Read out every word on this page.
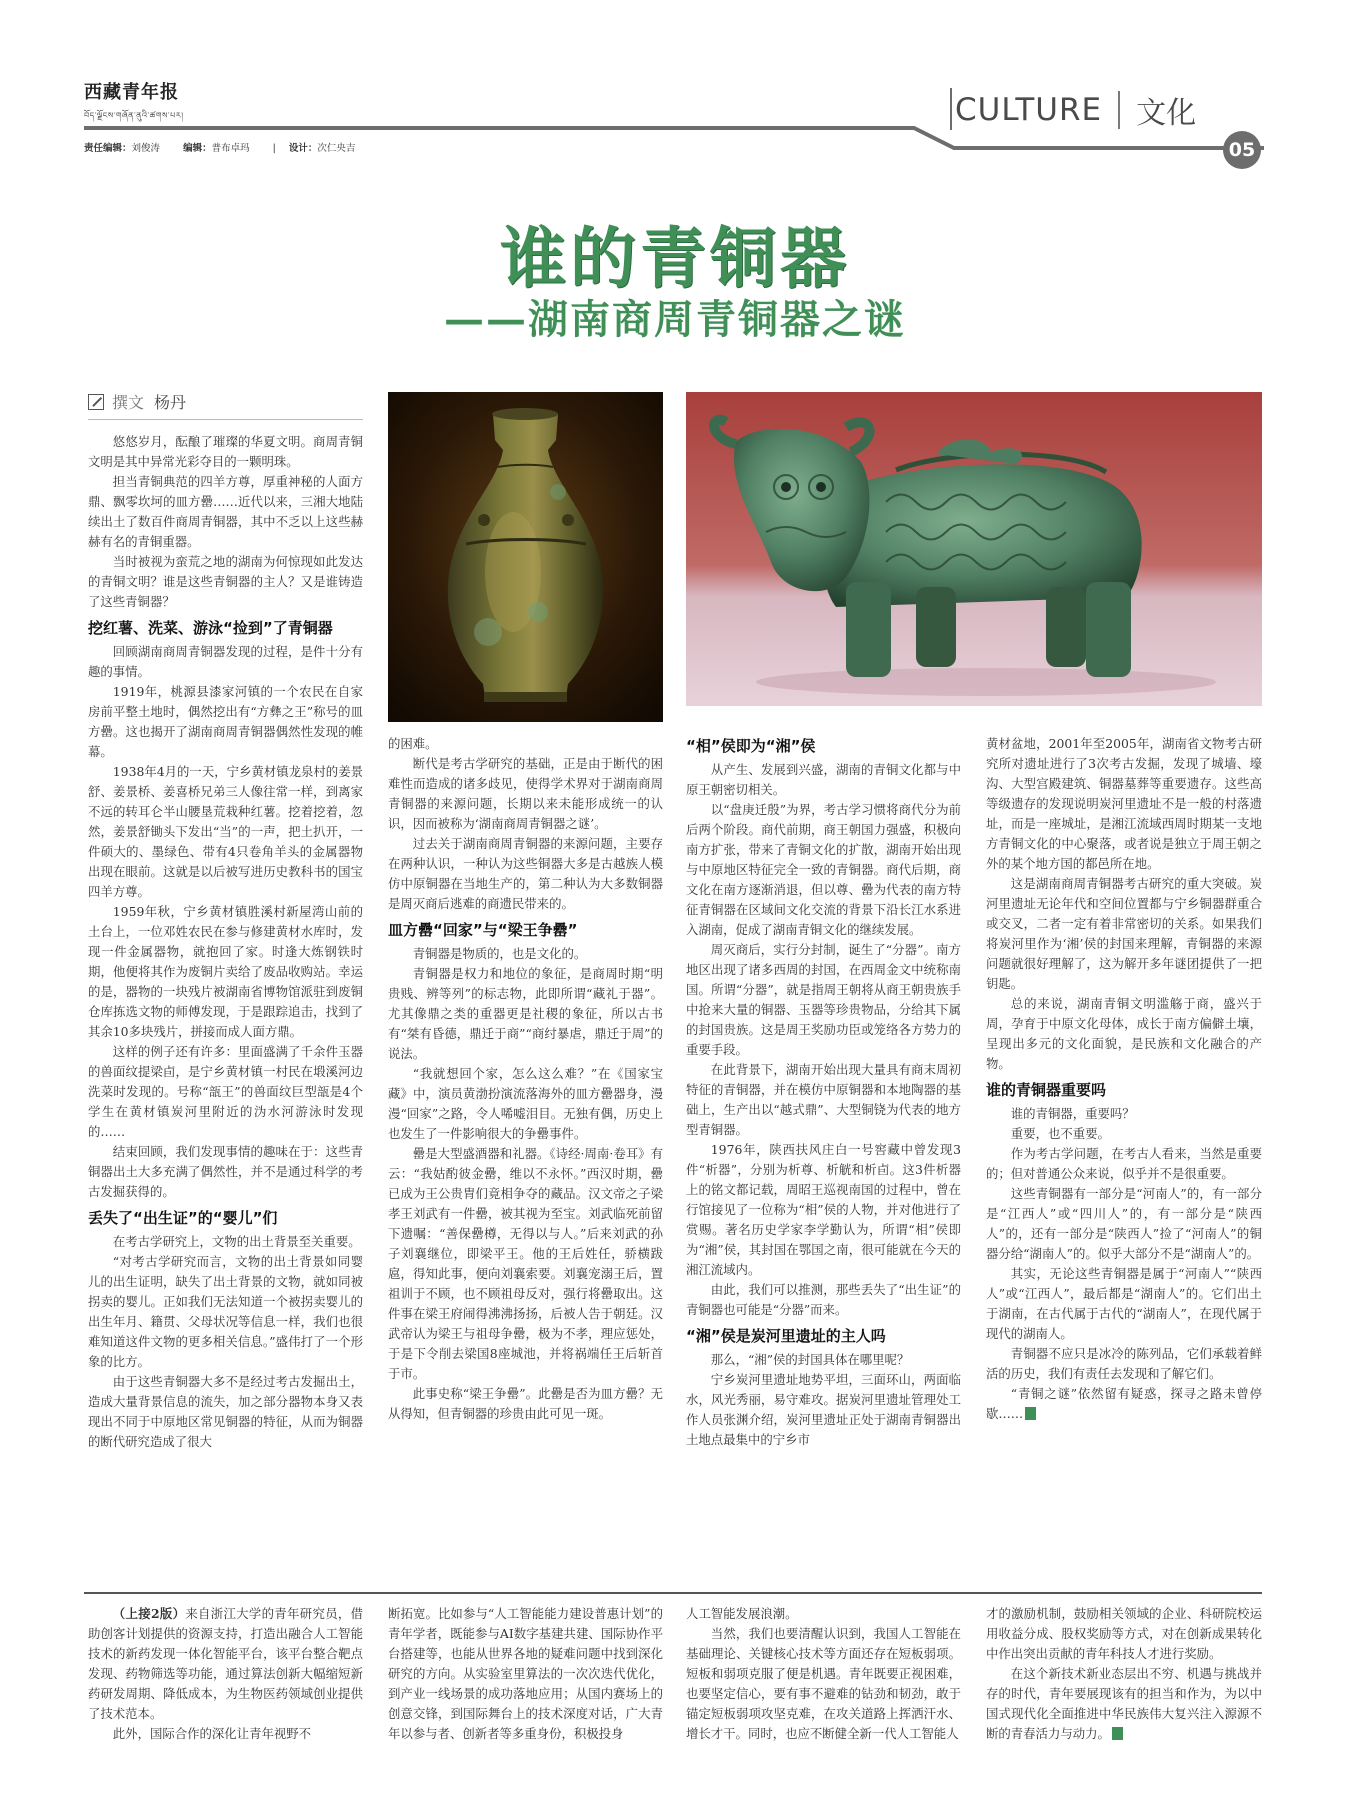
西藏青年报
བོད་ལྗོངས་གཞོན་ནུའི་ཚགས་པར།
责任编辑：刘俊涛 编辑：普布卓玛 | 设计：次仁央吉
CULTURE 文化
05
谁的青铜器
——湖南商周青铜器之谜
撰文 杨丹

悠悠岁月，酝酿了璀璨的华夏文明。商周青铜文明是其中异常光彩夺目的一颗明珠。

担当青铜典范的四羊方尊，厚重神秘的人面方鼎、飘零坎坷的皿方罍……近代以来，三湘大地陆续出土了数百件商周青铜器，其中不乏以上这些赫赫有名的青铜重器。

当时被视为蛮荒之地的湖南为何惊现如此发达的青铜文明？谁是这些青铜器的主人？又是谁铸造了这些青铜器？

挖红薯、洗菜、游泳“捡到”了青铜器

回顾湖南商周青铜器发现的过程，是件十分有趣的事情。

1919年，桃源县漆家河镇的一个农民在自家房前平整土地时，偶然挖出有“方彝之王”称号的皿方罍。这也揭开了湖南商周青铜器偶然性发现的帷幕。

1938年4月的一天，宁乡黄材镇龙泉村的姜景舒、姜景桥、姜喜桥兄弟三人像往常一样，到离家不远的转耳仑半山腰垦荒栽种红薯。挖着挖着，忽然，姜景舒锄头下发出“当”的一声，把土扒开，一件硕大的、墨绿色、带有4只卷角羊头的金属器物出现在眼前。这就是以后被写进历史教科书的国宝四羊方尊。

1959年秋，宁乡黄材镇胜溪村新屋湾山前的土台上，一位邓姓农民在参与修建黄材水库时，发现一件金属器物，就抱回了家。时逢大炼钢铁时期，他便将其作为废铜片卖给了废品收购站。幸运的是，器物的一块残片被湖南省博物馆派驻到废铜仓库拣选文物的师傅发现，于是跟踪追击，找到了其余10多块残片，拼接而成人面方鼎。

这样的例子还有许多：里面盛满了千余件玉器的兽面纹提梁卣，是宁乡黄材镇一村民在塅溪河边洗菜时发现的。号称“瓿王”的兽面纹巨型瓿是4个学生在黄材镇炭河里附近的沩水河游泳时发现的……

结束回顾，我们发现事情的趣味在于：这些青铜器出土大多充满了偶然性，并不是通过科学的考古发掘获得的。

丢失了“出生证”的“婴儿”们

在考古学研究上，文物的出土背景至关重要。

“对考古学研究而言，文物的出土背景如同婴儿的出生证明，缺失了出土背景的文物，就如同被拐卖的婴儿。正如我们无法知道一个被拐卖婴儿的出生年月、籍贯、父母状况等信息一样，我们也很难知道这件文物的更多相关信息。”盛伟打了一个形象的比方。

由于这些青铜器大多不是经过考古发掘出土，造成大量背景信息的流失，加之部分器物本身又表现出不同于中原地区常见铜器的特征，从而为铜器的断代研究造成了很大

的困难。

断代是考古学研究的基础，正是由于断代的困难性而造成的诸多歧见，使得学术界对于湖南商周青铜器的来源问题，长期以来未能形成统一的认识，因而被称为‘湖南商周青铜器之谜’。

过去关于湖南商周青铜器的来源问题，主要存在两种认识，一种认为这些铜器大多是古越族人模仿中原铜器在当地生产的，第二种认为大多数铜器是周灭商后逃难的商遗民带来的。

皿方罍“回家”与“梁王争罍”

青铜器是物质的，也是文化的。

青铜器是权力和地位的象征，是商周时期“明贵贱、辨等列”的标志物，此即所谓“藏礼于器”。尤其像鼎之类的重器更是社稷的象征，所以古书有“桀有昏德，鼎迁于商”“商纣暴虐，鼎迁于周”的说法。

“我就想回个家，怎么这么难？”在《国家宝藏》中，演员黄渤扮演流落海外的皿方罍器身，漫漫“回家”之路，令人唏嘘泪目。无独有偶，历史上也发生了一件影响很大的争罍事件。

罍是大型盛酒器和礼器。《诗经·周南·卷耳》有云：“我姑酌彼金罍，维以不永怀。”西汉时期，罍已成为王公贵胄们竟相争夺的藏品。汉文帝之子梁孝王刘武有一件罍，被其视为至宝。刘武临死前留下遗嘱：“善保罍樽，无得以与人。”后来刘武的孙子刘襄继位，即梁平王。他的王后姓任，骄横跋扈，得知此事，便向刘襄索要。刘襄宠溺王后，置祖训于不顾，也不顾祖母反对，强行将罍取出。这件事在梁王府闹得沸沸扬扬，后被人告于朝廷。汉武帝认为梁王与祖母争罍，极为不孝，理应惩处，于是下令削去梁国8座城池，并将祸端任王后斩首于市。

此事史称“梁王争罍”。此罍是否为皿方罍？无从得知，但青铜器的珍贵由此可见一斑。

“相”侯即为“湘”侯

从产生、发展到兴盛，湖南的青铜文化都与中原王朝密切相关。

以“盘庚迁殷”为界，考古学习惯将商代分为前后两个阶段。商代前期，商王朝国力强盛，积极向南方扩张，带来了青铜文化的扩散，湖南开始出现与中原地区特征完全一致的青铜器。商代后期，商文化在南方逐渐消退，但以尊、罍为代表的南方特征青铜器在区域间文化交流的背景下沿长江水系进入湖南，促成了湖南青铜文化的继续发展。

周灭商后，实行分封制，诞生了“分器”。南方地区出现了诸多西周的封国，在西周金文中统称南国。所谓“分器”，就是指周王朝将从商王朝贵族手中抢来大量的铜器、玉器等珍贵物品，分给其下属的封国贵族。这是周王奖励功臣或笼络各方势力的重要手段。

在此背景下，湖南开始出现大量具有商末周初特征的青铜器，并在模仿中原铜器和本地陶器的基础上，生产出以“越式鼎”、大型铜铙为代表的地方型青铜器。

1976年，陕西扶风庄白一号窖藏中曾发现3件“析器”，分别为析尊、析觥和析卣。这3件析器上的铭文都记载，周昭王巡视南国的过程中，曾在行馆接见了一位称为“相”侯的人物，并对他进行了赏赐。著名历史学家李学勤认为，所谓“相”侯即为“湘”侯，其封国在鄂国之南，很可能就在今天的湘江流域内。

由此，我们可以推测，那些丢失了“出生证”的青铜器也可能是“分器”而来。

“湘”侯是炭河里遗址的主人吗

那么，“湘”侯的封国具体在哪里呢？

宁乡炭河里遗址地势平坦，三面环山，两面临水，风光秀丽，易守难攻。据炭河里遗址管理处工作人员张渊介绍，炭河里遗址正处于湖南青铜器出土地点最集中的宁乡市

黄材盆地，2001年至2005年，湖南省文物考古研究所对遗址进行了3次考古发掘，发现了城墙、壕沟、大型宫殿建筑、铜器墓葬等重要遗存。这些高等级遗存的发现说明炭河里遗址不是一般的村落遗址，而是一座城址，是湘江流域西周时期某一支地方青铜文化的中心聚落，或者说是独立于周王朝之外的某个地方国的都邑所在地。

这是湖南商周青铜器考古研究的重大突破。炭河里遗址无论年代和空间位置都与宁乡铜器群重合或交叉，二者一定有着非常密切的关系。如果我们将炭河里作为‘湘’侯的封国来理解，青铜器的来源问题就很好理解了，这为解开多年谜团提供了一把钥匙。

总的来说，湖南青铜文明滥觞于商，盛兴于周，孕育于中原文化母体，成长于南方偏僻土壤，呈现出多元的文化面貌，是民族和文化融合的产物。

谁的青铜器重要吗

谁的青铜器，重要吗？

重要，也不重要。

作为考古学问题，在考古人看来，当然是重要的；但对普通公众来说，似乎并不是很重要。

这些青铜器有一部分是“河南人”的，有一部分是“江西人”或“四川人”的，有一部分是“陕西人”的，还有一部分是“陕西人”捡了“河南人”的铜器分给“湖南人”的。似乎大部分不是“湖南人”的。

其实，无论这些青铜器是属于“河南人”“陕西人”或“江西人”，最后都是“湖南人”的。它们出土于湖南，在古代属于古代的“湖南人”，在现代属于现代的湖南人。

青铜器不应只是冰冷的陈列品，它们承载着鲜活的历史，我们有责任去发现和了解它们。

“青铜之谜”依然留有疑惑，探寻之路未曾停歇……

（上接2版）来自浙江大学的青年研究员，借助创客计划提供的资源支持，打造出融合人工智能技术的新药发现一体化智能平台，该平台整合靶点发现、药物筛选等功能，通过算法创新大幅缩短新药研发周期、降低成本，为生物医药领域创业提供了技术范本。

此外，国际合作的深化让青年视野不

断拓宽。比如参与“人工智能能力建设普惠计划”的青年学者，既能参与AI数字基建共建、国际协作平台搭建等，也能从世界各地的疑难问题中找到深化研究的方向。从实验室里算法的一次次迭代优化，到产业一线场景的成功落地应用；从国内赛场上的创意交锋，到国际舞台上的技术深度对话，广大青年以参与者、创新者等多重身份，积极投身

人工智能发展浪潮。

当然，我们也要清醒认识到，我国人工智能在基础理论、关键核心技术等方面还存在短板弱项。短板和弱项克服了便是机遇。青年既要正视困难，也要坚定信心，要有事不避难的钻劲和韧劲，敢于锚定短板弱项攻坚克难，在攻关道路上挥洒汗水、增长才干。同时，也应不断健全新一代人工智能人

才的激励机制，鼓励相关领域的企业、科研院校运用收益分成、股权奖励等方式，对在创新成果转化中作出突出贡献的青年科技人才进行奖励。

在这个新技术新业态层出不穷、机遇与挑战并存的时代，青年要展现该有的担当和作为，为以中国式现代化全面推进中华民族伟大复兴注入源源不断的青春活力与动力。
